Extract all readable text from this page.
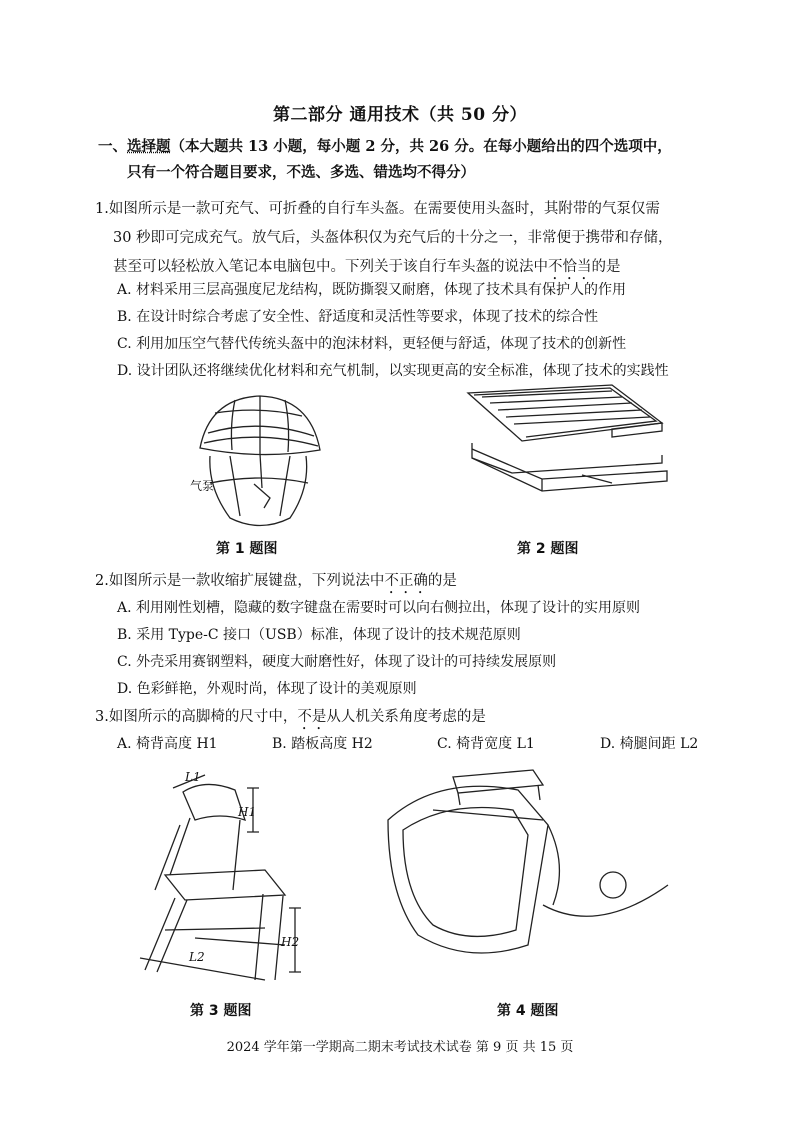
第二部分 通用技术（共 50 分）
一、选择题（本大题共 13 小题，每小题 2 分，共 26 分。在每小题给出的四个选项中，
只有一个符合题目要求，不选、多选、错选均不得分）
1.如图所示是一款可充气、可折叠的自行车头盔。在需要使用头盔时，其附带的气泵仅需
30 秒即可完成充气。放气后，头盔体积仅为充气后的十分之一，非常便于携带和存储，
甚至可以轻松放入笔记本电脑包中。下列关于该自行车头盔的说法中不恰当的是
A. 材料采用三层高强度尼龙结构，既防撕裂又耐磨，体现了技术具有保护人的作用
B. 在设计时综合考虑了安全性、舒适度和灵活性等要求，体现了技术的综合性
C. 利用加压空气替代传统头盔中的泡沫材料，更轻便与舒适，体现了技术的创新性
D. 设计团队还将继续优化材料和充气机制，以实现更高的安全标准，体现了技术的实践性
气泵
第 1 题图	第 2 题图
2.如图所示是一款收缩扩展键盘，下列说法中不正确的是
A. 利用刚性划槽，隐藏的数字键盘在需要时可以向右侧拉出，体现了设计的实用原则
B. 采用 Type-C 接口（USB）标准，体现了设计的技术规范原则
C. 外壳采用赛钢塑料，硬度大耐磨性好，体现了设计的可持续发展原则
D. 色彩鲜艳，外观时尚，体现了设计的美观原则
3.如图所示的高脚椅的尺寸中，不是从人机关系角度考虑的是
A. 椅背高度 H1	B. 踏板高度 H2	C. 椅背宽度 L1	D. 椅腿间距 L2
L1
H1
H2
L2
第 3 题图	第 4 题图
2024 学年第一学期高二期末考试技术试卷 第 9 页 共 15 页
